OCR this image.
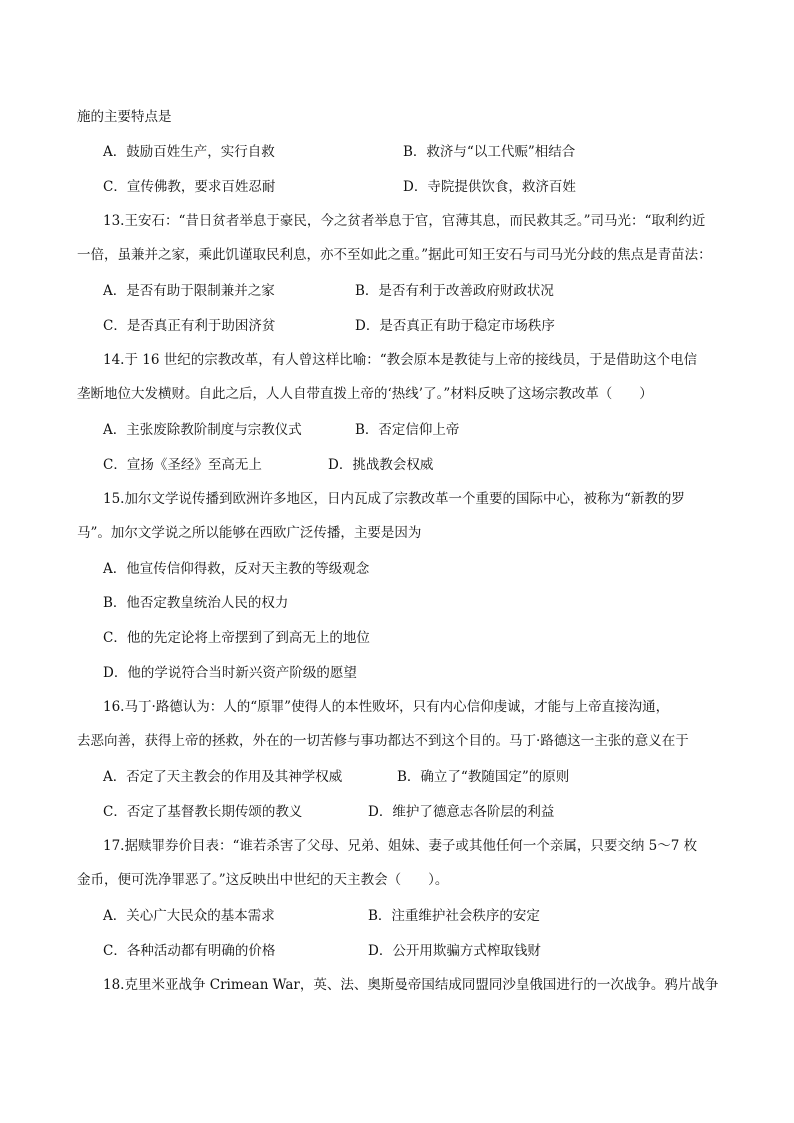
施的主要特点是
A．鼓励百姓生产，实行自救	B．救济与“以工代赈”相结合
C．宣传佛教，要求百姓忍耐	D．寺院提供饮食，救济百姓
13.王安石：“昔日贫者举息于豪民，今之贫者举息于官，官薄其息，而民救其乏。”司马光：“取利约近
一倍，虽兼并之家，乘此饥谨取民利息，亦不至如此之重。”据此可知王安石与司马光分歧的焦点是青苗法：
A．是否有助于限制兼并之家	B．是否有利于改善政府财政状况
C．是否真正有利于助困济贫	D．是否真正有助于稳定市场秩序
14.于 16 世纪的宗教改革，有人曾这样比喻：“教会原本是教徒与上帝的接线员，于是借助这个电信
垄断地位大发横财。自此之后，人人自带直拨上帝的‘热线’了。”材料反映了这场宗教改革（　　）
A．主张废除教阶制度与宗教仪式	B．否定信仰上帝
C．宣扬《圣经》至高无上	D．挑战教会权威
15.加尔文学说传播到欧洲许多地区，日内瓦成了宗教改革一个重要的国际中心，被称为“新教的罗
马”。加尔文学说之所以能够在西欧广泛传播，主要是因为
A．他宣传信仰得救，反对天主教的等级观念
B．他否定教皇统治人民的权力
C．他的先定论将上帝摆到了到高无上的地位
D．他的学说符合当时新兴资产阶级的愿望
16.马丁·路德认为：人的“原罪”使得人的本性败坏，只有内心信仰虔诚，才能与上帝直接沟通，
去恶向善，获得上帝的拯救，外在的一切苦修与事功都达不到这个目的。马丁·路德这一主张的意义在于
A．否定了天主教会的作用及其神学权威	B．确立了“教随国定”的原则
C．否定了基督教长期传颂的教义	D．维护了德意志各阶层的利益
17.据赎罪券价目表：“谁若杀害了父母、兄弟、姐妹、妻子或其他任何一个亲属，只要交纳 5～7 枚
金币，便可洗净罪恶了。”这反映出中世纪的天主教会（　　）。
A．关心广大民众的基本需求	B．注重维护社会秩序的安定
C．各种活动都有明确的价格	D．公开用欺骗方式榨取钱财
18.克里米亚战争 Crimean War，英、法、奥斯曼帝国结成同盟同沙皇俄国进行的一次战争。鸦片战争
